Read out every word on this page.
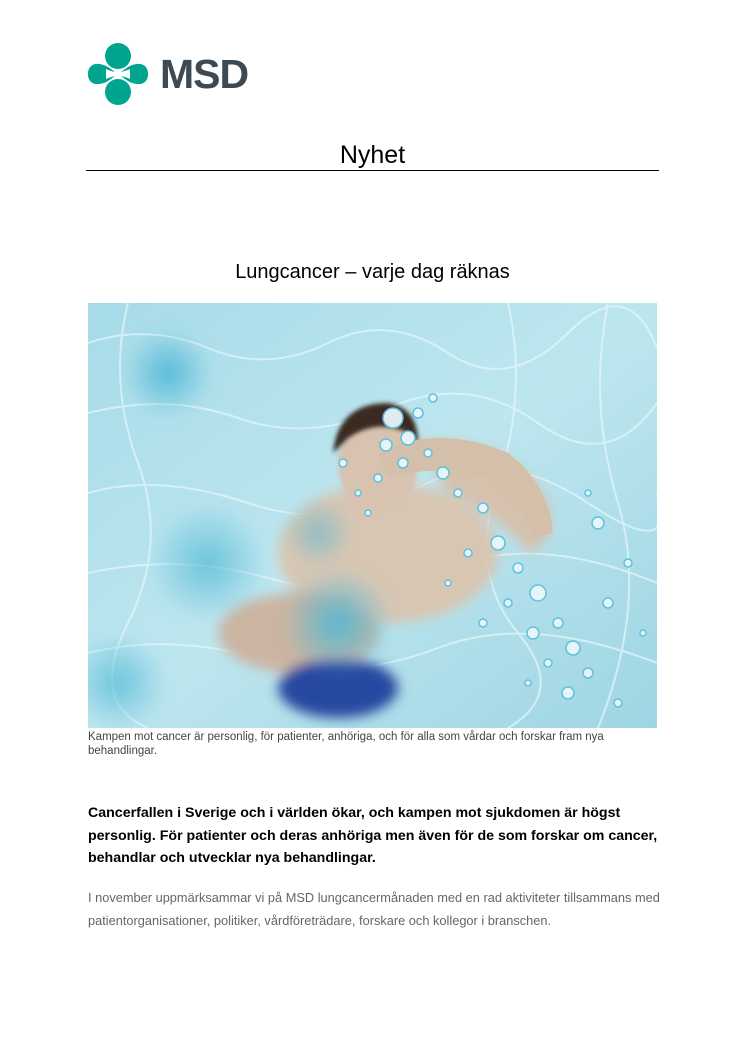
MSD
Nyhet
Lungcancer – varje dag räknas
Kampen mot cancer är personlig, för patienter, anhöriga, och för alla som vårdar och forskar fram nya behandlingar.
Cancerfallen i Sverige och i världen ökar, och kampen mot sjukdomen är högst personlig. För patienter och deras anhöriga men även för de som forskar om cancer, behandlar och utvecklar nya behandlingar.
I november uppmärksammar vi på MSD lungcancermånaden med en rad aktiviteter tillsammans med patientorganisationer, politiker, vårdföreträdare, forskare och kollegor i branschen.
